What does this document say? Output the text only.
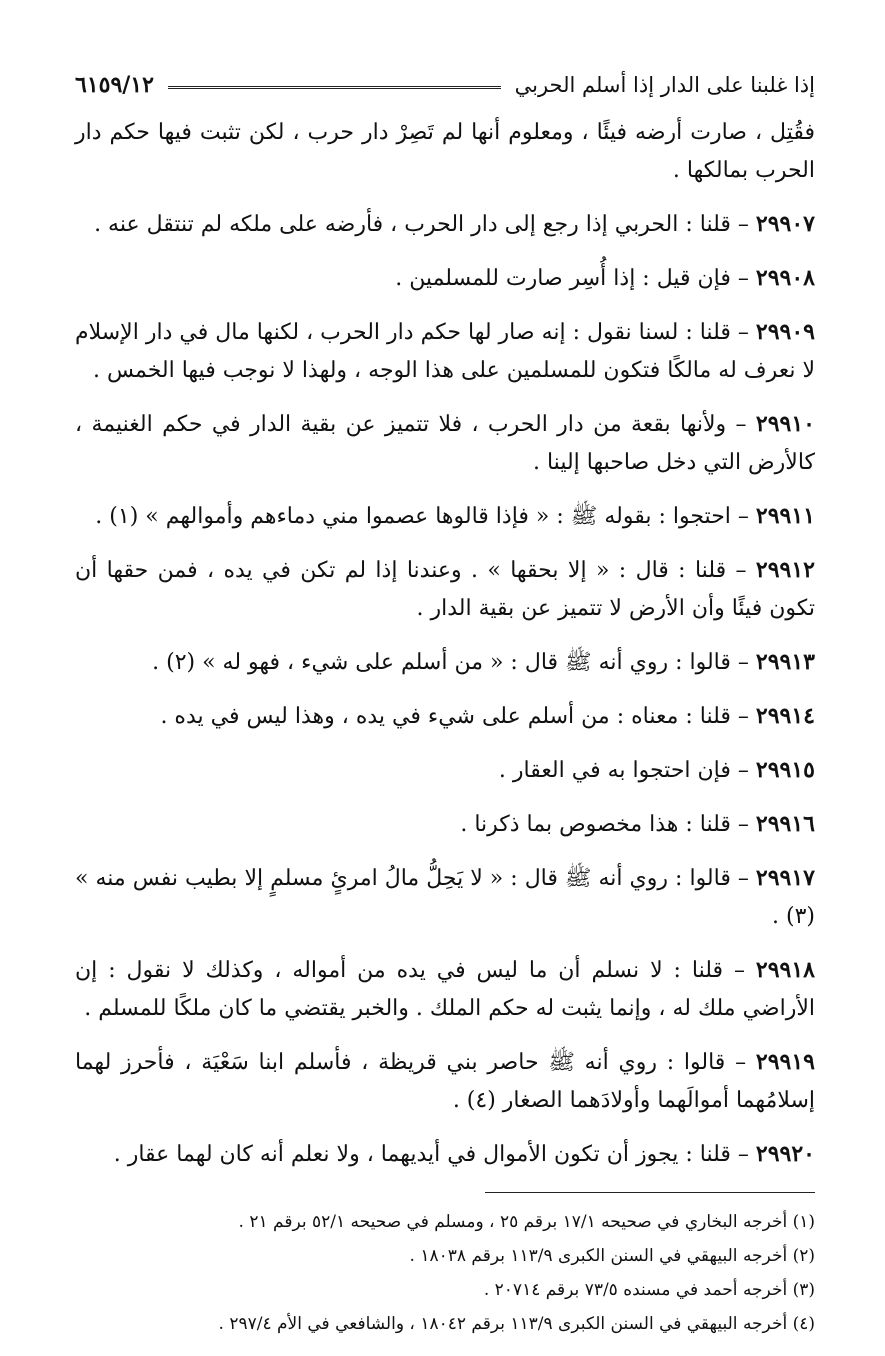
إذا غلبنا على الدار إذا أسلم الحربي
٦١٥٩/١٢

فقُتِل ، صارت أرضه فيئًا ، ومعلوم أنها لم تَصِرْ دار حرب ، لكن تثبت فيها حكم دار الحرب بمالكها .

٢٩٩٠٧ – قلنا : الحربي إذا رجع إلى دار الحرب ، فأرضه على ملكه لم تنتقل عنه .

٢٩٩٠٨ – فإن قيل : إذا أُسِر صارت للمسلمين .

٢٩٩٠٩ – قلنا : لسنا نقول : إنه صار لها حكم دار الحرب ، لكنها مال في دار الإسلام لا نعرف له مالكًا فتكون للمسلمين على هذا الوجه ، ولهذا لا نوجب فيها الخمس .

٢٩٩١٠ – ولأنها بقعة من دار الحرب ، فلا تتميز عن بقية الدار في حكم الغنيمة ، كالأرض التي دخل صاحبها إلينا .

٢٩٩١١ – احتجوا : بقوله ﷺ : « فإذا قالوها عصموا مني دماءهم وأموالهم » (١) .

٢٩٩١٢ – قلنا : قال : « إلا بحقها » . وعندنا إذا لم تكن في يده ، فمن حقها أن تكون فيئًا وأن الأرض لا تتميز عن بقية الدار .

٢٩٩١٣ – قالوا : روي أنه ﷺ قال : « من أسلم على شيء ، فهو له » (٢) .

٢٩٩١٤ – قلنا : معناه : من أسلم على شيء في يده ، وهذا ليس في يده .

٢٩٩١٥ – فإن احتجوا به في العقار .

٢٩٩١٦ – قلنا : هذا مخصوص بما ذكرنا .

٢٩٩١٧ – قالوا : روي أنه ﷺ قال : « لا يَحِلُّ مالُ امرئٍ مسلمٍ إلا بطيب نفس منه » (٣) .

٢٩٩١٨ – قلنا : لا نسلم أن ما ليس في يده من أمواله ، وكذلك لا نقول : إن الأراضي ملك له ، وإنما يثبت له حكم الملك . والخبر يقتضي ما كان ملكًا للمسلم .

٢٩٩١٩ – قالوا : روي أنه ﷺ حاصر بني قريظة ، فأسلم ابنا سَعْيَة ، فأحرز لهما إسلامُهما أموالَهما وأولادَهما الصغار (٤) .

٢٩٩٢٠ – قلنا : يجوز أن تكون الأموال في أيديهما ، ولا نعلم أنه كان لهما عقار .

(١) أخرجه البخاري في صحيحه ١٧/١ برقم ٢٥ ، ومسلم في صحيحه ٥٢/١ برقم ٢١ .
(٢) أخرجه البيهقي في السنن الكبرى ١١٣/٩ برقم ١٨٠٣٨ .
(٣) أخرجه أحمد في مسنده ٧٣/٥ برقم ٢٠٧١٤ .
(٤) أخرجه البيهقي في السنن الكبرى ١١٣/٩ برقم ١٨٠٤٢ ، والشافعي في الأم ٢٩٧/٤ .
